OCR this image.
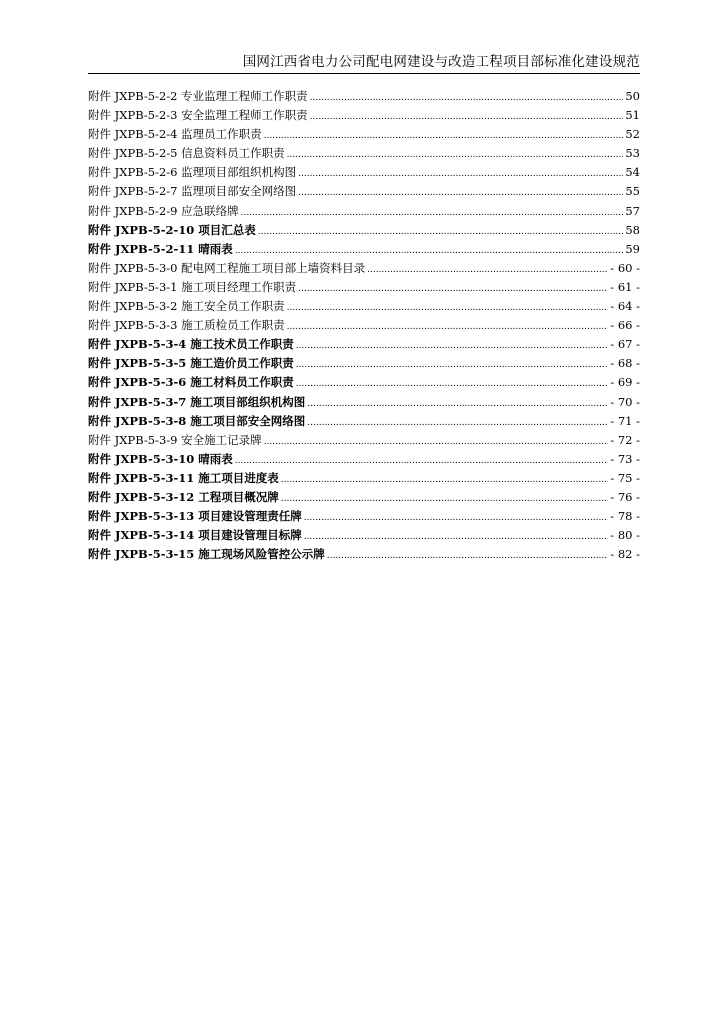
国网江西省电力公司配电网建设与改造工程项目部标准化建设规范
附件 JXPB-5-2-2 专业监理工程师工作职责 .....	50
附件 JXPB-5-2-3 安全监理工程师工作职责 .....	51
附件 JXPB-5-2-4 监理员工作职责 .....	52
附件 JXPB-5-2-5 信息资料员工作职责 .....	53
附件 JXPB-5-2-6 监理项目部组织机构图 .....	54
附件 JXPB-5-2-7 监理项目部安全网络图 .....	55
附件 JXPB-5-2-9 应急联络牌 .....	57
附件 JXPB-5-2-10 项目汇总表 .....	58
附件 JXPB-5-2-11 晴雨表 .....	59
附件 JXPB-5-3-0 配电网工程施工项目部上墙资料目录 .....	- 60 -
附件 JXPB-5-3-1 施工项目经理工作职责 .....	- 61 -
附件 JXPB-5-3-2 施工安全员工作职责 .....	- 64 -
附件 JXPB-5-3-3 施工质检员工作职责 .....	- 66 -
附件 JXPB-5-3-4 施工技术员工作职责 .....	- 67 -
附件 JXPB-5-3-5 施工造价员工作职责 .....	- 68 -
附件 JXPB-5-3-6 施工材料员工作职责 .....	- 69 -
附件 JXPB-5-3-7 施工项目部组织机构图 .....	- 70 -
附件 JXPB-5-3-8 施工项目部安全网络图 .....	- 71 -
附件 JXPB-5-3-9 安全施工记录牌 .....	- 72 -
附件 JXPB-5-3-10 晴雨表 .....	- 73 -
附件 JXPB-5-3-11 施工项目进度表 .....	- 75 -
附件 JXPB-5-3-12 工程项目概况牌 .....	- 76 -
附件 JXPB-5-3-13 项目建设管理责任牌 .....	- 78 -
附件 JXPB-5-3-14 项目建设管理目标牌 .....	- 80 -
附件 JXPB-5-3-15 施工现场风险管控公示牌 .....	- 82 -
